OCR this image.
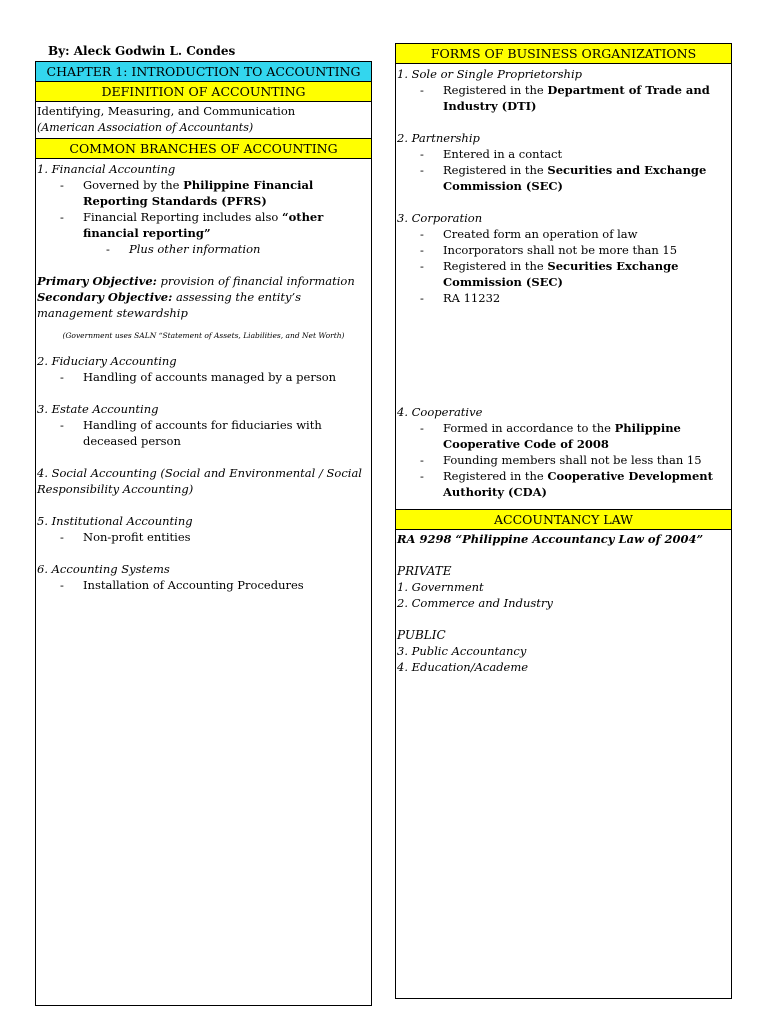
By: Aleck Godwin L. Condes
CHAPTER 1: INTRODUCTION TO ACCOUNTING
DEFINITION OF ACCOUNTING
Identifying, Measuring, and Communication
(American Association of Accountants)
COMMON BRANCHES OF ACCOUNTING
1. Financial Accounting
- Governed by the Philippine Financial Reporting Standards (PFRS)
- Financial Reporting includes also “other financial reporting”
- Plus other information
Primary Objective: provision of financial information
Secondary Objective: assessing the entity’s management stewardship
(Government uses SALN “Statement of Assets, Liabilities, and Net Worth)
2. Fiduciary Accounting
- Handling of accounts managed by a person
3. Estate Accounting
- Handling of accounts for fiduciaries with deceased person
4. Social Accounting (Social and Environmental / Social Responsibility Accounting)
5. Institutional Accounting
- Non-profit entities
6. Accounting Systems
- Installation of Accounting Procedures
FORMS OF BUSINESS ORGANIZATIONS
1. Sole or Single Proprietorship
- Registered in the Department of Trade and Industry (DTI)
2. Partnership
- Entered in a contact
- Registered in the Securities and Exchange Commission (SEC)
3. Corporation
- Created form an operation of law
- Incorporators shall not be more than 15
- Registered in the Securities Exchange Commission (SEC)
- RA 11232
4. Cooperative
- Formed in accordance to the Philippine Cooperative Code of 2008
- Founding members shall not be less than 15
- Registered in the Cooperative Development Authority (CDA)
ACCOUNTANCY LAW
RA 9298 “Philippine Accountancy Law of 2004”
PRIVATE
1. Government
2. Commerce and Industry
PUBLIC
3. Public Accountancy
4. Education/Academe
